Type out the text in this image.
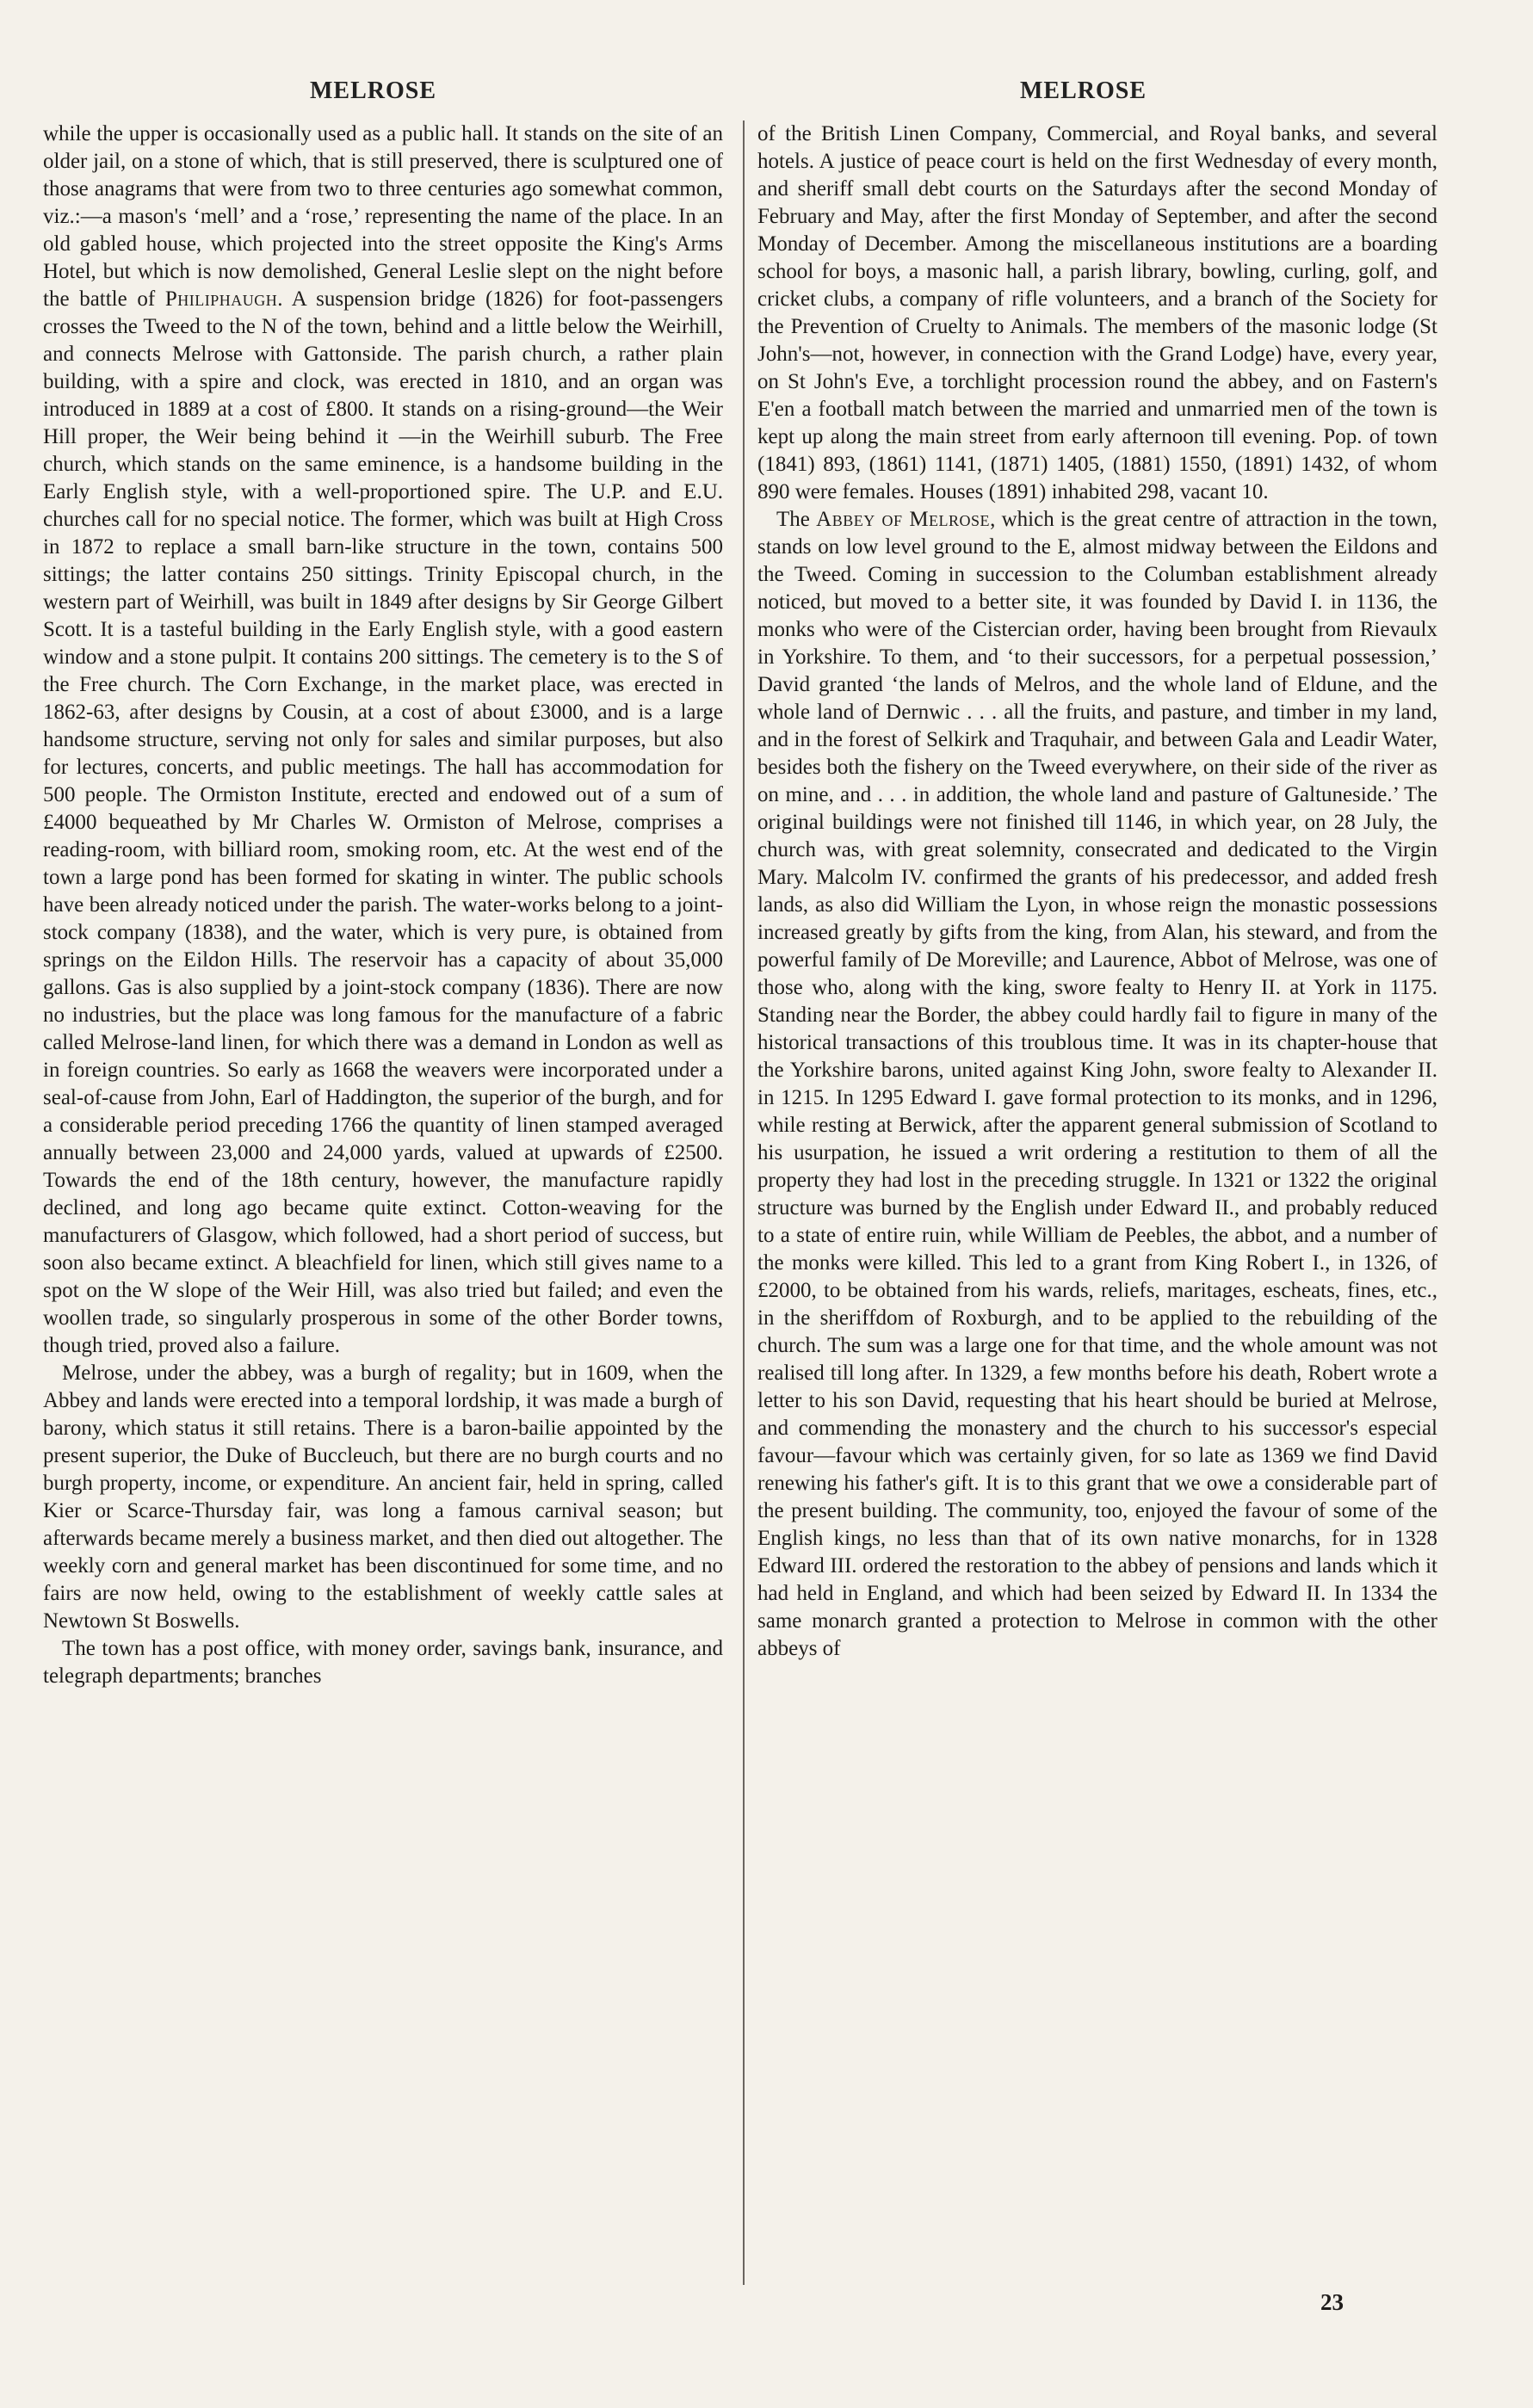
MELROSE	MELROSE

while the upper is occasionally used as a public hall. It stands on the site of an older jail, on a stone of which, that is still preserved, there is sculptured one of those anagrams that were from two to three centuries ago somewhat common, viz.:—a mason's ‘mell’ and a ‘rose,’ representing the name of the place. In an old gabled house, which projected into the street opposite the King's Arms Hotel, but which is now demolished, General Leslie slept on the night before the battle of Philiphaugh. A suspension bridge (1826) for foot-passengers crosses the Tweed to the N of the town, behind and a little below the Weirhill, and connects Melrose with Gattonside. The parish church, a rather plain building, with a spire and clock, was erected in 1810, and an organ was introduced in 1889 at a cost of £800. It stands on a rising-ground—the Weir Hill proper, the Weir being behind it —in the Weirhill suburb. The Free church, which stands on the same eminence, is a handsome building in the Early English style, with a well-proportioned spire. The U.P. and E.U. churches call for no special notice. The former, which was built at High Cross in 1872 to replace a small barn-like structure in the town, contains 500 sittings; the latter contains 250 sittings. Trinity Episcopal church, in the western part of Weirhill, was built in 1849 after designs by Sir George Gilbert Scott. It is a tasteful building in the Early English style, with a good eastern window and a stone pulpit. It contains 200 sittings. The cemetery is to the S of the Free church. The Corn Exchange, in the market place, was erected in 1862-63, after designs by Cousin, at a cost of about £3000, and is a large handsome structure, serving not only for sales and similar purposes, but also for lectures, concerts, and public meetings. The hall has accommodation for 500 people. The Ormiston Institute, erected and endowed out of a sum of £4000 bequeathed by Mr Charles W. Ormiston of Melrose, comprises a reading-room, with billiard room, smoking room, etc. At the west end of the town a large pond has been formed for skating in winter. The public schools have been already noticed under the parish. The water-works belong to a joint-stock company (1838), and the water, which is very pure, is obtained from springs on the Eildon Hills. The reservoir has a capacity of about 35,000 gallons. Gas is also supplied by a joint-stock company (1836). There are now no industries, but the place was long famous for the manufacture of a fabric called Melrose-land linen, for which there was a demand in London as well as in foreign countries. So early as 1668 the weavers were incorporated under a seal-of-cause from John, Earl of Haddington, the superior of the burgh, and for a considerable period preceding 1766 the quantity of linen stamped averaged annually between 23,000 and 24,000 yards, valued at upwards of £2500. Towards the end of the 18th century, however, the manufacture rapidly declined, and long ago became quite extinct. Cotton-weaving for the manufacturers of Glasgow, which followed, had a short period of success, but soon also became extinct. A bleachfield for linen, which still gives name to a spot on the W slope of the Weir Hill, was also tried but failed; and even the woollen trade, so singularly prosperous in some of the other Border towns, though tried, proved also a failure.

Melrose, under the abbey, was a burgh of regality; but in 1609, when the Abbey and lands were erected into a temporal lordship, it was made a burgh of barony, which status it still retains. There is a baron-bailie appointed by the present superior, the Duke of Buccleuch, but there are no burgh courts and no burgh property, income, or expenditure. An ancient fair, held in spring, called Kier or Scarce-Thursday fair, was long a famous carnival season; but afterwards became merely a business market, and then died out altogether. The weekly corn and general market has been discontinued for some time, and no fairs are now held, owing to the establishment of weekly cattle sales at Newtown St Boswells.

The town has a post office, with money order, savings bank, insurance, and telegraph departments; branches

of the British Linen Company, Commercial, and Royal banks, and several hotels. A justice of peace court is held on the first Wednesday of every month, and sheriff small debt courts on the Saturdays after the second Monday of February and May, after the first Monday of September, and after the second Monday of December. Among the miscellaneous institutions are a boarding school for boys, a masonic hall, a parish library, bowling, curling, golf, and cricket clubs, a company of rifle volunteers, and a branch of the Society for the Prevention of Cruelty to Animals. The members of the masonic lodge (St John's—not, however, in connection with the Grand Lodge) have, every year, on St John's Eve, a torchlight procession round the abbey, and on Fastern's E'en a football match between the married and unmarried men of the town is kept up along the main street from early afternoon till evening. Pop. of town (1841) 893, (1861) 1141, (1871) 1405, (1881) 1550, (1891) 1432, of whom 890 were females. Houses (1891) inhabited 298, vacant 10.

The Abbey of Melrose, which is the great centre of attraction in the town, stands on low level ground to the E, almost midway between the Eildons and the Tweed. Coming in succession to the Columban establishment already noticed, but moved to a better site, it was founded by David I. in 1136, the monks who were of the Cistercian order, having been brought from Rievaulx in Yorkshire. To them, and ‘to their successors, for a perpetual possession,’ David granted ‘the lands of Melros, and the whole land of Eldune, and the whole land of Dernwic . . . all the fruits, and pasture, and timber in my land, and in the forest of Selkirk and Traquhair, and between Gala and Leadir Water, besides both the fishery on the Tweed everywhere, on their side of the river as on mine, and . . . in addition, the whole land and pasture of Galtuneside.’ The original buildings were not finished till 1146, in which year, on 28 July, the church was, with great solemnity, consecrated and dedicated to the Virgin Mary. Malcolm IV. confirmed the grants of his predecessor, and added fresh lands, as also did William the Lyon, in whose reign the monastic possessions increased greatly by gifts from the king, from Alan, his steward, and from the powerful family of De Moreville; and Laurence, Abbot of Melrose, was one of those who, along with the king, swore fealty to Henry II. at York in 1175. Standing near the Border, the abbey could hardly fail to figure in many of the historical transactions of this troublous time. It was in its chapter-house that the Yorkshire barons, united against King John, swore fealty to Alexander II. in 1215. In 1295 Edward I. gave formal protection to its monks, and in 1296, while resting at Berwick, after the apparent general submission of Scotland to his usurpation, he issued a writ ordering a restitution to them of all the property they had lost in the preceding struggle. In 1321 or 1322 the original structure was burned by the English under Edward II., and probably reduced to a state of entire ruin, while William de Peebles, the abbot, and a number of the monks were killed. This led to a grant from King Robert I., in 1326, of £2000, to be obtained from his wards, reliefs, maritages, escheats, fines, etc., in the sheriffdom of Roxburgh, and to be applied to the rebuilding of the church. The sum was a large one for that time, and the whole amount was not realised till long after. In 1329, a few months before his death, Robert wrote a letter to his son David, requesting that his heart should be buried at Melrose, and commending the monastery and the church to his successor's especial favour—favour which was certainly given, for so late as 1369 we find David renewing his father's gift. It is to this grant that we owe a considerable part of the present building. The community, too, enjoyed the favour of some of the English kings, no less than that of its own native monarchs, for in 1328 Edward III. ordered the restoration to the abbey of pensions and lands which it had held in England, and which had been seized by Edward II. In 1334 the same monarch granted a protection to Melrose in common with the other abbeys of

23
